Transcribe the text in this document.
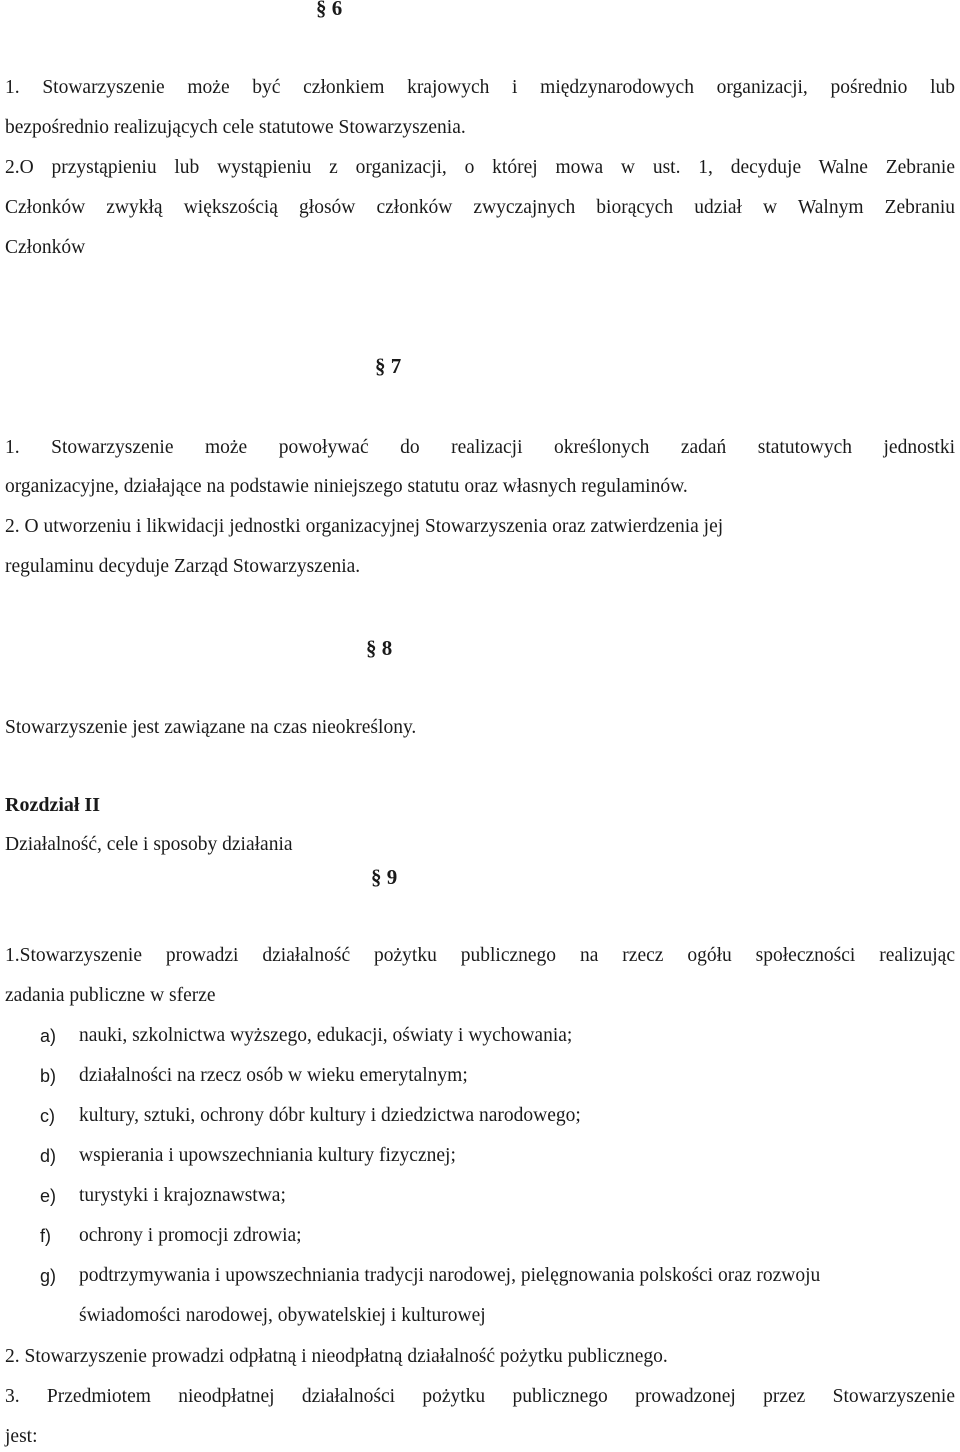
§ 6
1. Stowarzyszenie może być członkiem krajowych i międzynarodowych organizacji, pośrednio lub
bezpośrednio realizujących cele statutowe Stowarzyszenia.
2.O przystąpieniu lub wystąpieniu z organizacji, o której mowa w ust. 1, decyduje Walne Zebranie
Członków zwykłą większością głosów członków zwyczajnych biorących udział w Walnym Zebraniu
Członków
§ 7
1. Stowarzyszenie może powoływać do realizacji określonych zadań statutowych jednostki
organizacyjne, działające na podstawie niniejszego statutu oraz własnych regulaminów.
2. O utworzeniu i likwidacji jednostki organizacyjnej Stowarzyszenia oraz zatwierdzenia jej
regulaminu decyduje Zarząd Stowarzyszenia.
§ 8
Stowarzyszenie jest zawiązane na czas nieokreślony.
Rozdział II
Działalność, cele i sposoby działania
§ 9
1.Stowarzyszenie prowadzi działalność pożytku publicznego na rzecz ogółu społeczności realizując
zadania publiczne w sferze
a) nauki, szkolnictwa wyższego, edukacji, oświaty i wychowania;
b) działalności na rzecz osób w wieku emerytalnym;
c) kultury, sztuki, ochrony dóbr kultury i dziedzictwa narodowego;
d) wspierania i upowszechniania kultury fizycznej;
e) turystyki i krajoznawstwa;
f) ochrony i promocji zdrowia;
g) podtrzymywania i upowszechniania tradycji narodowej, pielęgnowania polskości oraz rozwoju
świadomości narodowej, obywatelskiej i kulturowej
2. Stowarzyszenie prowadzi odpłatną i nieodpłatną działalność pożytku publicznego.
3. Przedmiotem nieodpłatnej działalności pożytku publicznego prowadzonej przez Stowarzyszenie
jest:
